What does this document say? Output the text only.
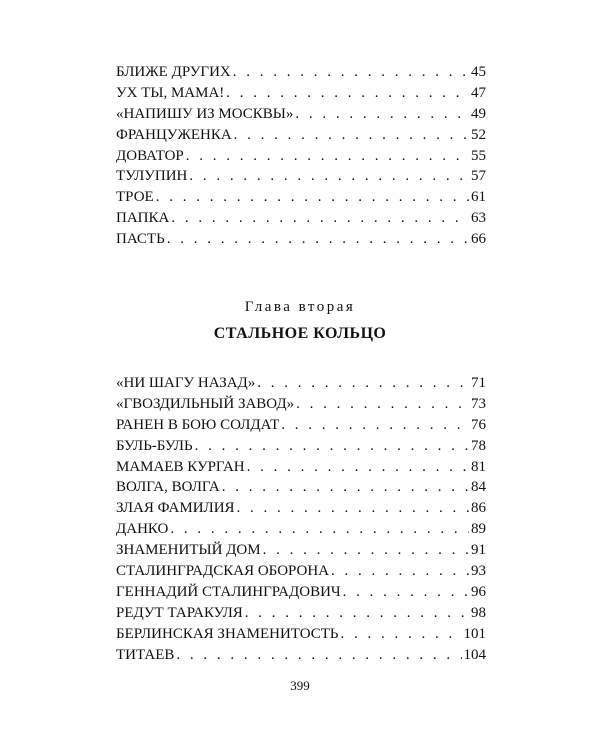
БЛИЖЕ ДРУГИХ . . .	45
УХ ТЫ, МАМА! . . .	47
«НАПИШУ ИЗ МОСКВЫ» . . .	49
ФРАНЦУЖЕНКА . . .	52
ДОВАТОР . . .	55
ТУЛУПИН . . .	57
ТРОЕ . . .	61
ПАПКА . . .	63
ПАСТЬ . . .	66
Глава вторая
СТАЛЬНОЕ КОЛЬЦО
«НИ ШАГУ НАЗАД» . . .	71
«ГВОЗДИЛЬНЫЙ ЗАВОД» . . .	73
РАНЕН В БОЮ СОЛДАТ . . .	76
БУЛЬ-БУЛЬ . . .	78
МАМАЕВ КУРГАН . . .	81
ВОЛГА, ВОЛГА . . .	84
ЗЛАЯ ФАМИЛИЯ . . .	86
ДАНКО . . .	89
ЗНАМЕНИТЫЙ ДОМ . . .	91
СТАЛИНГРАДСКАЯ ОБОРОНА . . .	93
ГЕННАДИЙ СТАЛИНГРАДОВИЧ . . .	96
РЕДУТ ТАРАКУЛЯ . . .	98
БЕРЛИНСКАЯ ЗНАМЕНИТОСТЬ . . .	101
ТИТАЕВ . . .	104
399
